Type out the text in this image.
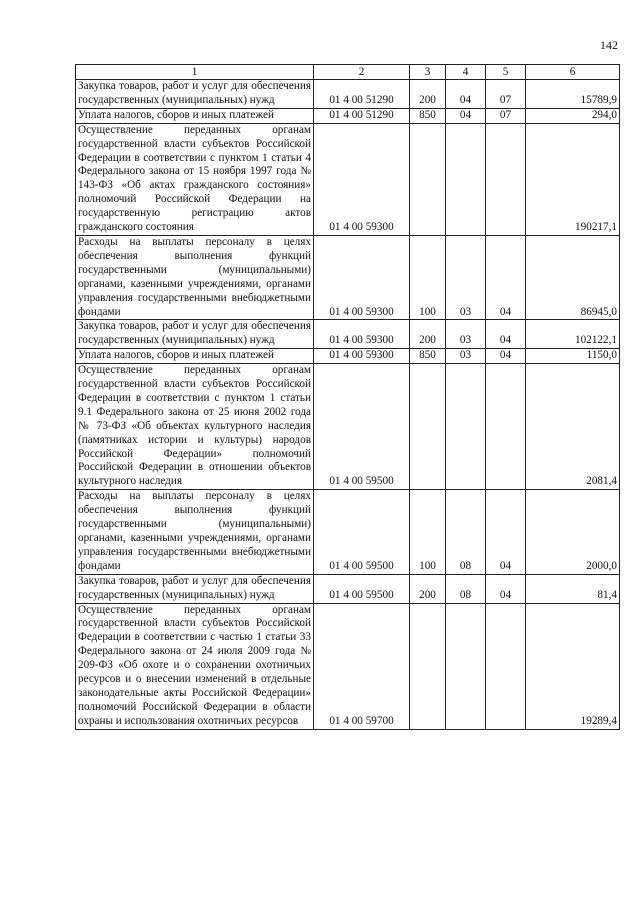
142
1	2	3	4	5	6
Закупка товаров, работ и услуг для обеспечения государственных (муниципальных) нужд	01 4 00 51290	200	04	07	15789,9
Уплата налогов, сборов и иных платежей	01 4 00 51290	850	04	07	294,0
Осуществление переданных органам государственной власти субъектов Российской Федерации в соответствии с пунктом 1 статьи 4 Федерального закона от 15 ноября 1997 года № 143-ФЗ «Об актах гражданского состояния» полномочий Российской Федерации на государственную регистрацию актов гражданского состояния	01 4 00 59300				190217,1
Расходы на выплаты персоналу в целях обеспечения выполнения функций государственными (муниципальными) органами, казенными учреждениями, органами управления государственными внебюджетными фондами	01 4 00 59300	100	03	04	86945,0
Закупка товаров, работ и услуг для обеспечения государственных (муниципальных) нужд	01 4 00 59300	200	03	04	102122,1
Уплата налогов, сборов и иных платежей	01 4 00 59300	850	03	04	1150,0
Осуществление переданных органам государственной власти субъектов Российской Федерации в соответствии с пунктом 1 статьи 9.1 Федерального закона от 25 июня 2002 года № 73-ФЗ «Об объектах культурного наследия (памятниках истории и культуры) народов Российской Федерации» полномочий Российской Федерации в отношении объектов культурного наследия	01 4 00 59500				2081,4
Расходы на выплаты персоналу в целях обеспечения выполнения функций государственными (муниципальными) органами, казенными учреждениями, органами управления государственными внебюджетными фондами	01 4 00 59500	100	08	04	2000,0
Закупка товаров, работ и услуг для обеспечения государственных (муниципальных) нужд	01 4 00 59500	200	08	04	81,4
Осуществление переданных органам государственной власти субъектов Российской Федерации в соответствии с частью 1 статьи 33 Федерального закона от 24 июля 2009 года № 209-ФЗ «Об охоте и о сохранении охотничьих ресурсов и о внесении изменений в отдельные законодательные акты Российской Федерации» полномочий Российской Федерации в области охраны и использования охотничьих ресурсов	01 4 00 59700				19289,4
